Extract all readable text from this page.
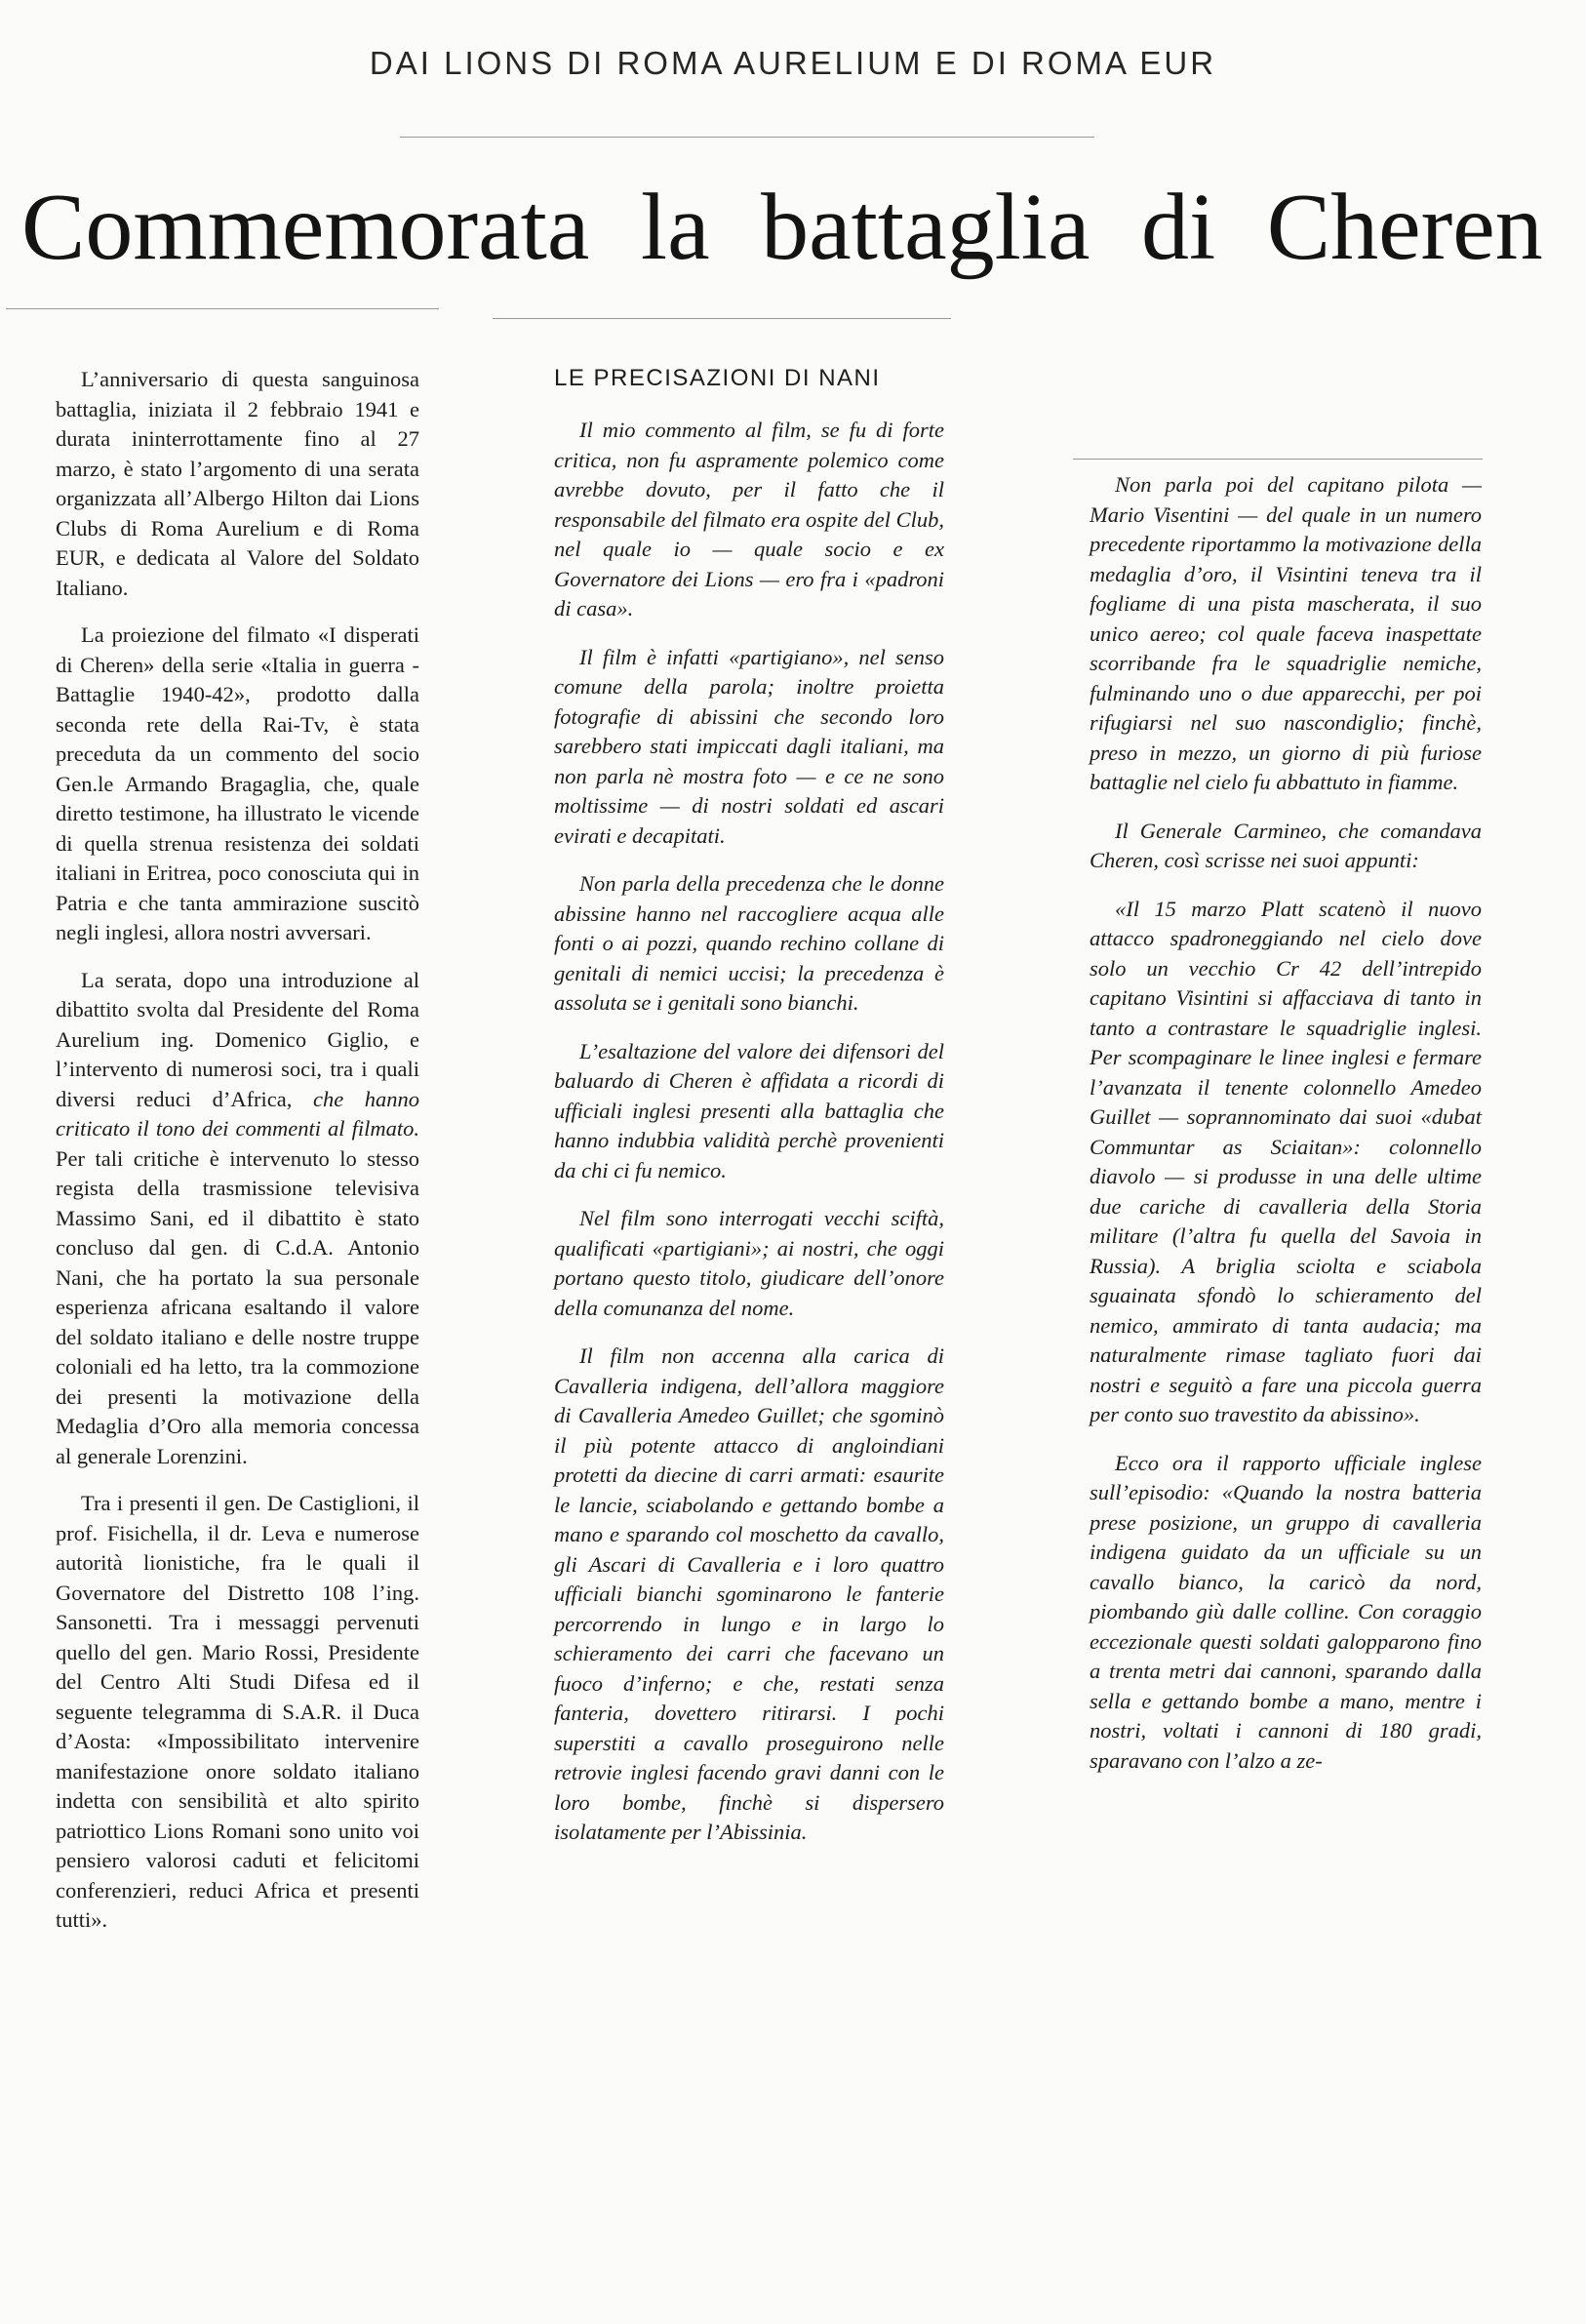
DAI LIONS DI ROMA AURELIUM E DI ROMA EUR
Commemorata la battaglia di Cheren

L’anniversario di questa sanguinosa battaglia, iniziata il 2 febbraio 1941 e durata ininterrottamente fino al 27 marzo, è stato l’argomento di una serata organizzata all’Albergo Hilton dai Lions Clubs di Roma Aurelium e di Roma EUR, e dedicata al Valore del Soldato Italiano.

La proiezione del filmato «I disperati di Cheren» della serie «Italia in guerra - Battaglie 1940-42», prodotto dalla seconda rete della Rai-Tv, è stata preceduta da un commento del socio Gen.le Armando Bragaglia, che, quale diretto testimone, ha illustrato le vicende di quella strenua resistenza dei soldati italiani in Eritrea, poco conosciuta qui in Patria e che tanta ammirazione suscitò negli inglesi, allora nostri avversari.

La serata, dopo una introduzione al dibattito svolta dal Presidente del Roma Aurelium ing. Domenico Giglio, e l’intervento di numerosi soci, tra i quali diversi reduci d’Africa, che hanno criticato il tono dei commenti al filmato. Per tali critiche è intervenuto lo stesso regista della trasmissione televisiva Massimo Sani, ed il dibattito è stato concluso dal gen. di C.d.A. Antonio Nani, che ha portato la sua personale esperienza africana esaltando il valore del soldato italiano e delle nostre truppe coloniali ed ha letto, tra la commozione dei presenti la motivazione della Medaglia d’Oro alla memoria concessa al generale Lorenzini.

Tra i presenti il gen. De Castiglioni, il prof. Fisichella, il dr. Leva e numerose autorità lionistiche, fra le quali il Governatore del Distretto 108 l’ing. Sansonetti. Tra i messaggi pervenuti quello del gen. Mario Rossi, Presidente del Centro Alti Studi Difesa ed il seguente telegramma di S.A.R. il Duca d’Aosta: «Impossibilitato intervenire manifestazione onore soldato italiano indetta con sensibilità et alto spirito patriottico Lions Romani sono unito voi pensiero valorosi caduti et felicitomi conferenzieri, reduci Africa et presenti tutti».

LE PRECISAZIONI DI NANI

Il mio commento al film, se fu di forte critica, non fu aspramente polemico come avrebbe dovuto, per il fatto che il responsabile del filmato era ospite del Club, nel quale io — quale socio e ex Governatore dei Lions — ero fra i «padroni di casa».

Il film è infatti «partigiano», nel senso comune della parola; inoltre proietta fotografie di abissini che secondo loro sarebbero stati impiccati dagli italiani, ma non parla nè mostra foto — e ce ne sono moltissime — di nostri soldati ed ascari evirati e decapitati.

Non parla della precedenza che le donne abissine hanno nel raccogliere acqua alle fonti o ai pozzi, quando rechino collane di genitali di nemici uccisi; la precedenza è assoluta se i genitali sono bianchi.

L’esaltazione del valore dei difensori del baluardo di Cheren è affidata a ricordi di ufficiali inglesi presenti alla battaglia che hanno indubbia validità perchè provenienti da chi ci fu nemico.

Nel film sono interrogati vecchi sciftà, qualificati «partigiani»; ai nostri, che oggi portano questo titolo, giudicare dell’onore della comunanza del nome.

Il film non accenna alla carica di Cavalleria indigena, dell’allora maggiore di Cavalleria Amedeo Guillet; che sgominò il più potente attacco di angloindiani protetti da diecine di carri armati: esaurite le lancie, sciabolando e gettando bombe a mano e sparando col moschetto da cavallo, gli Ascari di Cavalleria e i loro quattro ufficiali bianchi sgominarono le fanterie percorrendo in lungo e in largo lo schieramento dei carri che facevano un fuoco d’inferno; e che, restati senza fanteria, dovettero ritirarsi. I pochi superstiti a cavallo proseguirono nelle retrovie inglesi facendo gravi danni con le loro bombe, finchè si dispersero isolatamente per l’Abissinia.

Non parla poi del capitano pilota — Mario Visentini — del quale in un numero precedente riportammo la motivazione della medaglia d’oro, il Visintini teneva tra il fogliame di una pista mascherata, il suo unico aereo; col quale faceva inaspettate scorribande fra le squadriglie nemiche, fulminando uno o due apparecchi, per poi rifugiarsi nel suo nascondiglio; finchè, preso in mezzo, un giorno di più furiose battaglie nel cielo fu abbattuto in fiamme.

Il Generale Carmineo, che comandava Cheren, così scrisse nei suoi appunti:

«Il 15 marzo Platt scatenò il nuovo attacco spadroneggiando nel cielo dove solo un vecchio Cr 42 dell’intrepido capitano Visintini si affacciava di tanto in tanto a contrastare le squadriglie inglesi. Per scompaginare le linee inglesi e fermare l’avanzata il tenente colonnello Amedeo Guillet — soprannominato dai suoi «dubat Communtar as Sciaitan»: colonnello diavolo — si produsse in una delle ultime due cariche di cavalleria della Storia militare (l’altra fu quella del Savoia in Russia). A briglia sciolta e sciabola sguainata sfondò lo schieramento del nemico, ammirato di tanta audacia; ma naturalmente rimase tagliato fuori dai nostri e seguitò a fare una piccola guerra per conto suo travestito da abissino».

Ecco ora il rapporto ufficiale inglese sull’episodio: «Quando la nostra batteria prese posizione, un gruppo di cavalleria indigena guidato da un ufficiale su un cavallo bianco, la caricò da nord, piombando giù dalle colline. Con coraggio eccezionale questi soldati galopparono fino a trenta metri dai cannoni, sparando dalla sella e gettando bombe a mano, mentre i nostri, voltati i cannoni di 180 gradi, sparavano con l’alzo a ze-
